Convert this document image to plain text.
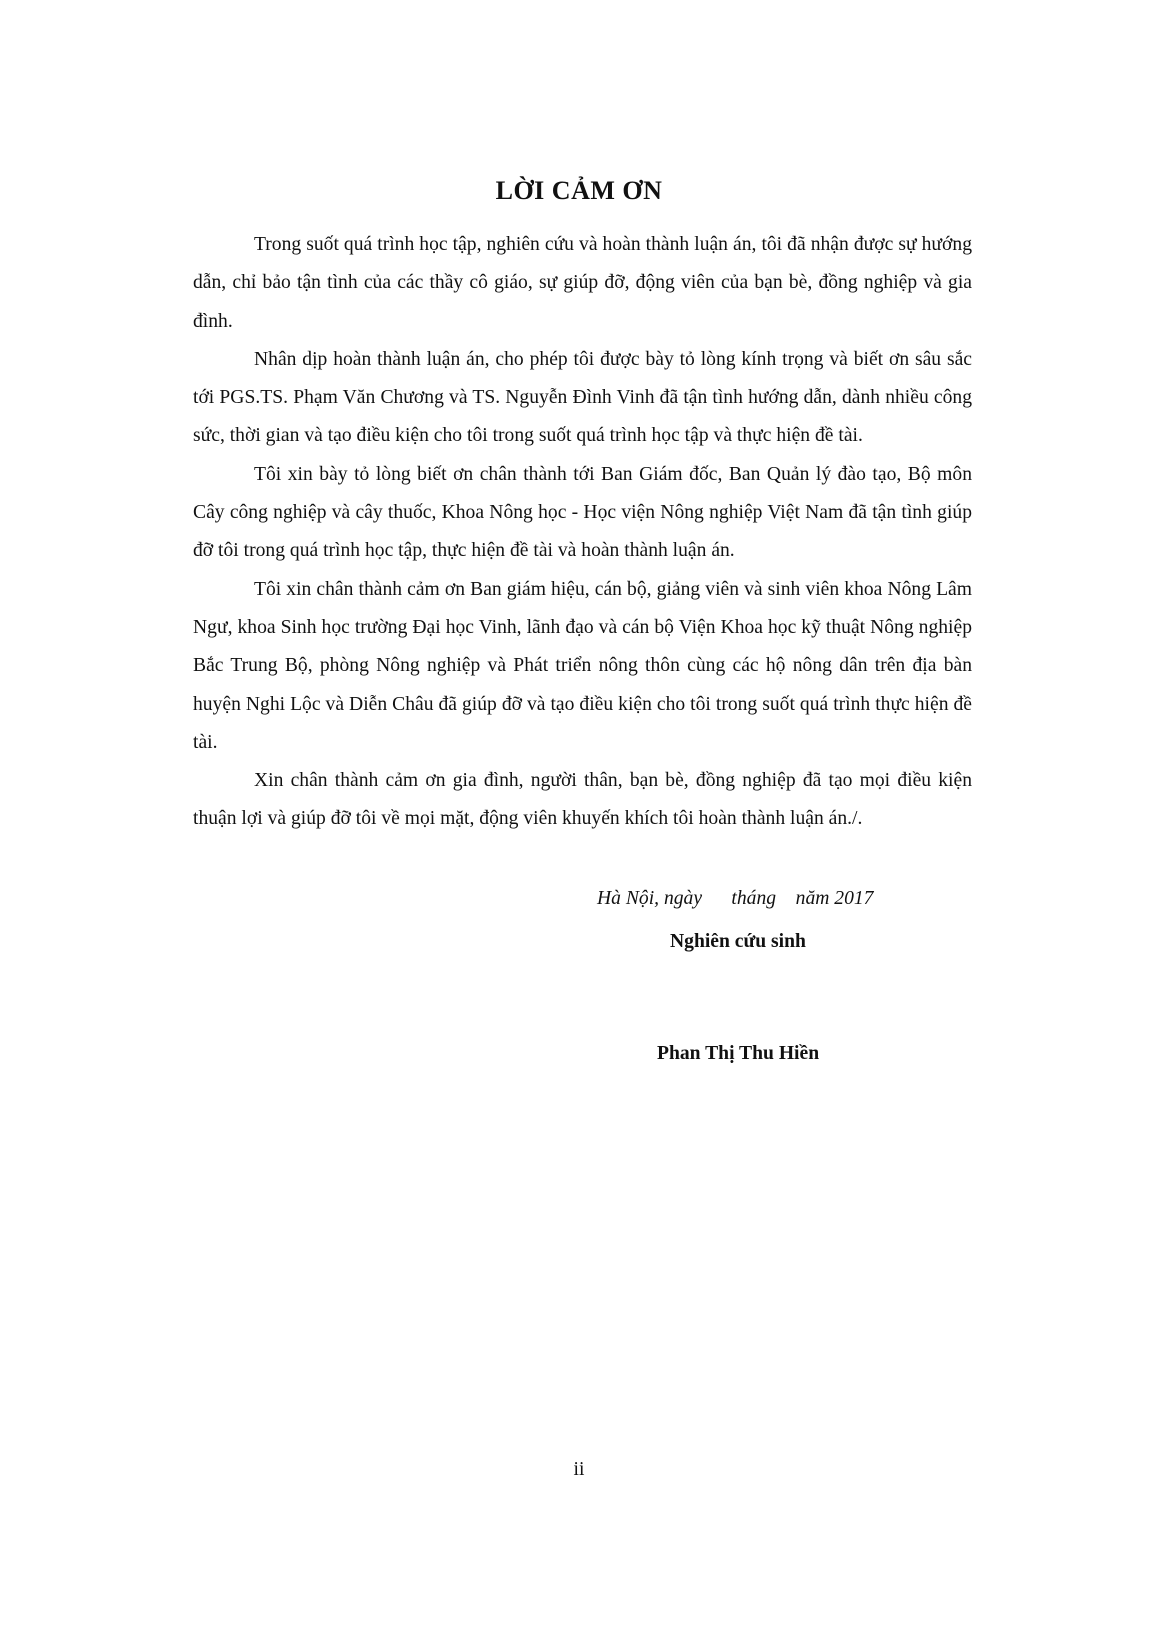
LỜI CẢM ƠN

Trong suốt quá trình học tập, nghiên cứu và hoàn thành luận án, tôi đã nhận được sự hướng dẫn, chỉ bảo tận tình của các thầy cô giáo, sự giúp đỡ, động viên của bạn bè, đồng nghiệp và gia đình.

Nhân dịp hoàn thành luận án, cho phép tôi được bày tỏ lòng kính trọng và biết ơn sâu sắc tới PGS.TS. Phạm Văn Chương và TS. Nguyễn Đình Vinh đã tận tình hướng dẫn, dành nhiều công sức, thời gian và tạo điều kiện cho tôi trong suốt quá trình học tập và thực hiện đề tài.

Tôi xin bày tỏ lòng biết ơn chân thành tới Ban Giám đốc, Ban Quản lý đào tạo, Bộ môn Cây công nghiệp và cây thuốc, Khoa Nông học - Học viện Nông nghiệp Việt Nam đã tận tình giúp đỡ tôi trong quá trình học tập, thực hiện đề tài và hoàn thành luận án.

Tôi xin chân thành cảm ơn Ban giám hiệu, cán bộ, giảng viên và sinh viên khoa Nông Lâm Ngư, khoa Sinh học trường Đại học Vinh, lãnh đạo và cán bộ Viện Khoa học kỹ thuật Nông nghiệp Bắc Trung Bộ, phòng Nông nghiệp và Phát triển nông thôn cùng các hộ nông dân trên địa bàn huyện Nghi Lộc và Diễn Châu đã giúp đỡ và tạo điều kiện cho tôi trong suốt quá trình thực hiện đề tài.

Xin chân thành cảm ơn gia đình, người thân, bạn bè, đồng nghiệp đã tạo mọi điều kiện thuận lợi và giúp đỡ tôi về mọi mặt, động viên khuyến khích tôi hoàn thành luận án./.

Hà Nội, ngày      tháng    năm 2017
Nghiên cứu sinh
Phan Thị Thu Hiền
ii
